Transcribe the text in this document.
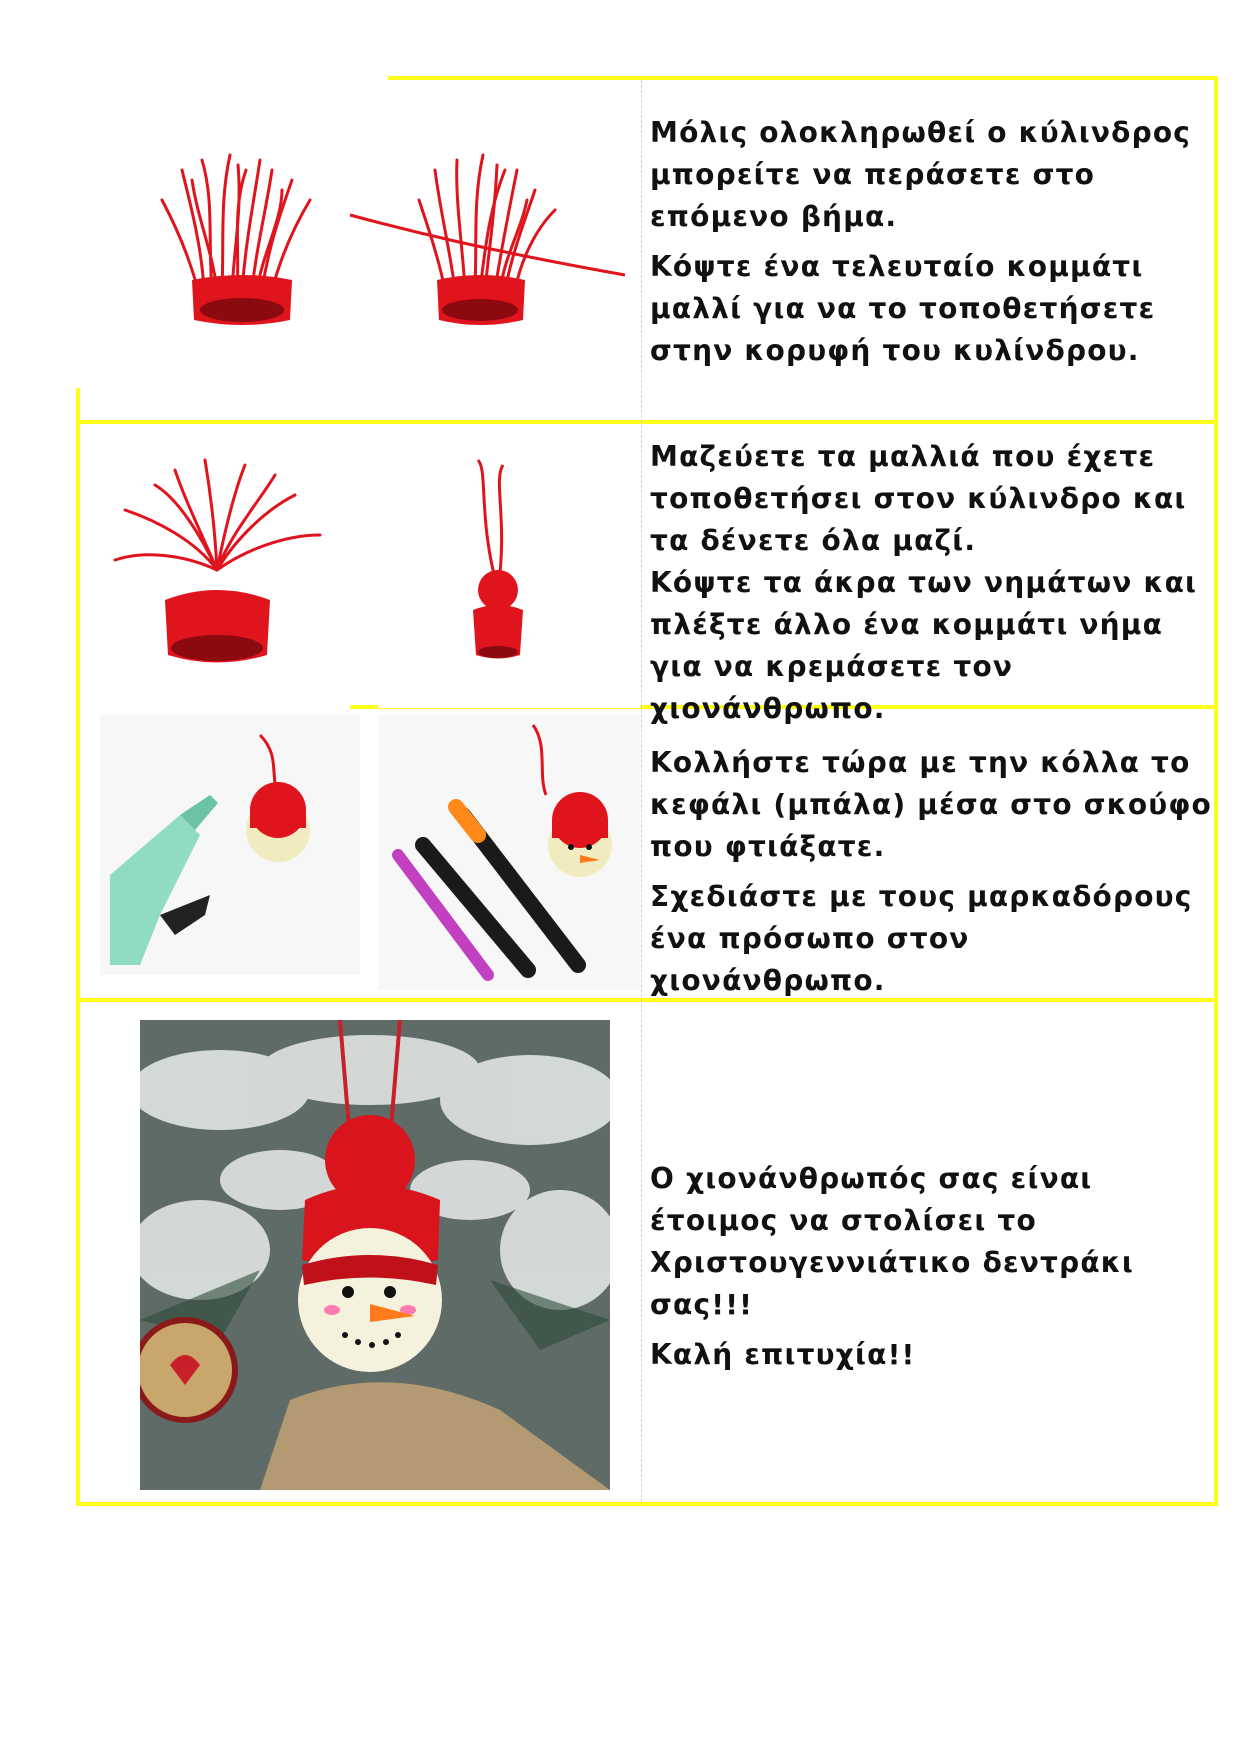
Μόλις ολοκληρωθεί ο κύλινδρος μπορείτε να περάσετε στο επόμενο βήμα.

Κόψτε ένα τελευταίο κομμάτι μαλλί για να το τοποθετήσετε στην κορυφή του κυλίνδρου.

Μαζεύετε τα μαλλιά που έχετε τοποθετήσει στον κύλινδρο και τα δένετε όλα μαζί.

Κόψτε τα άκρα των νημάτων και πλέξτε άλλο ένα κομμάτι νήμα για να κρεμάσετε τον χιονάνθρωπο.

Κολλήστε τώρα με την κόλλα το κεφάλι (μπάλα) μέσα στο σκούφο που φτιάξατε.

Σχεδιάστε με τους μαρκαδόρους ένα πρόσωπο στον χιονάνθρωπο.

Ο χιονάνθρωπός σας είναι έτοιμος να στολίσει το Χριστουγεννιάτικο δεντράκι σας!!!

Καλή επιτυχία!!
